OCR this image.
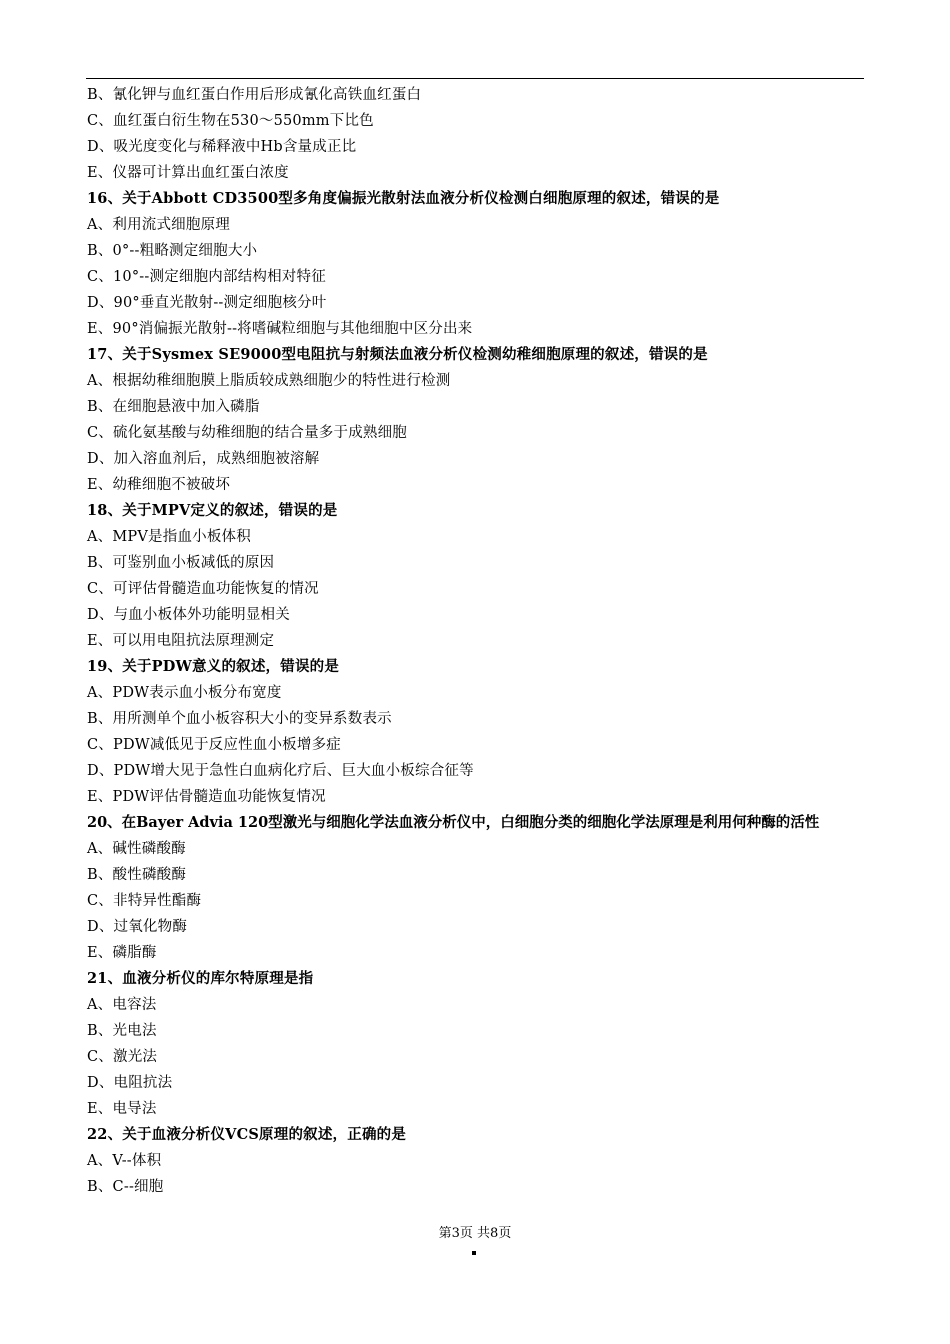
B、氰化钾与血红蛋白作用后形成氰化高铁血红蛋白
C、血红蛋白衍生物在530～550mm下比色
D、吸光度变化与稀释液中Hb含量成正比
E、仪器可计算出血红蛋白浓度
16、关于Abbott CD3500型多角度偏振光散射法血液分析仪检测白细胞原理的叙述，错误的是
A、利用流式细胞原理
B、0°--粗略测定细胞大小
C、10°--测定细胞内部结构相对特征
D、90°垂直光散射--测定细胞核分叶
E、90°消偏振光散射--将嗜碱粒细胞与其他细胞中区分出来
17、关于Sysmex SE9000型电阻抗与射频法血液分析仪检测幼稚细胞原理的叙述，错误的是
A、根据幼稚细胞膜上脂质较成熟细胞少的特性进行检测
B、在细胞悬液中加入磷脂
C、硫化氨基酸与幼稚细胞的结合量多于成熟细胞
D、加入溶血剂后，成熟细胞被溶解
E、幼稚细胞不被破坏
18、关于MPV定义的叙述，错误的是
A、MPV是指血小板体积
B、可鉴别血小板减低的原因
C、可评估骨髓造血功能恢复的情况
D、与血小板体外功能明显相关
E、可以用电阻抗法原理测定
19、关于PDW意义的叙述，错误的是
A、PDW表示血小板分布宽度
B、用所测单个血小板容积大小的变异系数表示
C、PDW减低见于反应性血小板增多症
D、PDW增大见于急性白血病化疗后、巨大血小板综合征等
E、PDW评估骨髓造血功能恢复情况
20、在Bayer Advia 120型激光与细胞化学法血液分析仪中，白细胞分类的细胞化学法原理是利用何种酶的活性
A、碱性磷酸酶
B、酸性磷酸酶
C、非特异性酯酶
D、过氧化物酶
E、磷脂酶
21、血液分析仪的库尔特原理是指
A、电容法
B、光电法
C、激光法
D、电阻抗法
E、电导法
22、关于血液分析仪VCS原理的叙述，正确的是
A、V--体积
B、C--细胞
第3页 共8页
